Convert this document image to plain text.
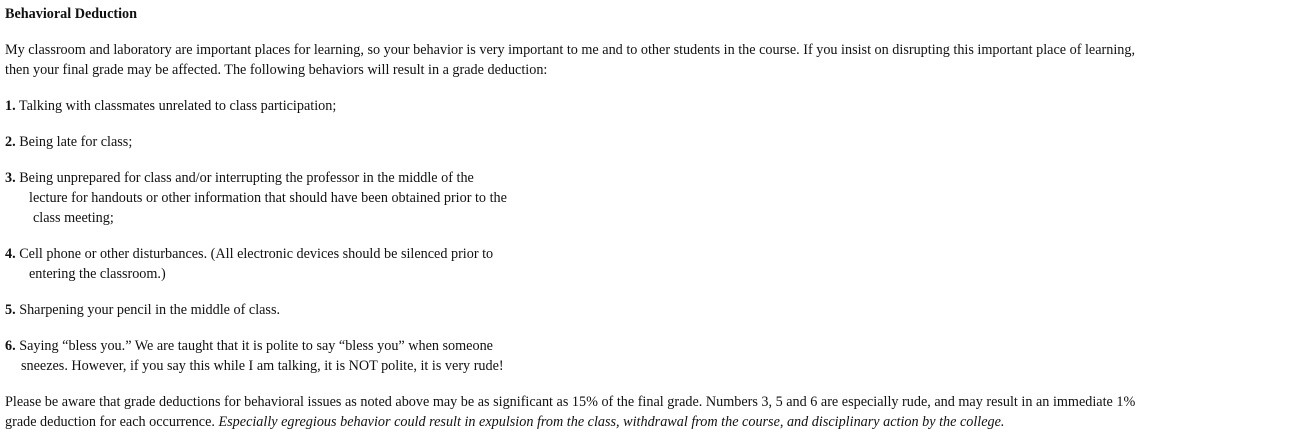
Behavioral Deduction
My classroom and laboratory are important places for learning, so your behavior is very important to me and to other students in the course. If you insist on disrupting this important place of learning,
then your final grade may be affected. The following behaviors will result in a grade deduction:
1. Talking with classmates unrelated to class participation;
2. Being late for class;
3. Being unprepared for class and/or interrupting the professor in the middle of the
lecture for handouts or other information that should have been obtained prior to the
class meeting;
4. Cell phone or other disturbances. (All electronic devices should be silenced prior to
entering the classroom.)
5. Sharpening your pencil in the middle of class.
6. Saying “bless you.” We are taught that it is polite to say “bless you” when someone
sneezes. However, if you say this while I am talking, it is NOT polite, it is very rude!
Please be aware that grade deductions for behavioral issues as noted above may be as significant as 15% of the final grade. Numbers 3, 5 and 6 are especially rude, and may result in an immediate 1%
grade deduction for each occurrence. Especially egregious behavior could result in expulsion from the class, withdrawal from the course, and disciplinary action by the college.
